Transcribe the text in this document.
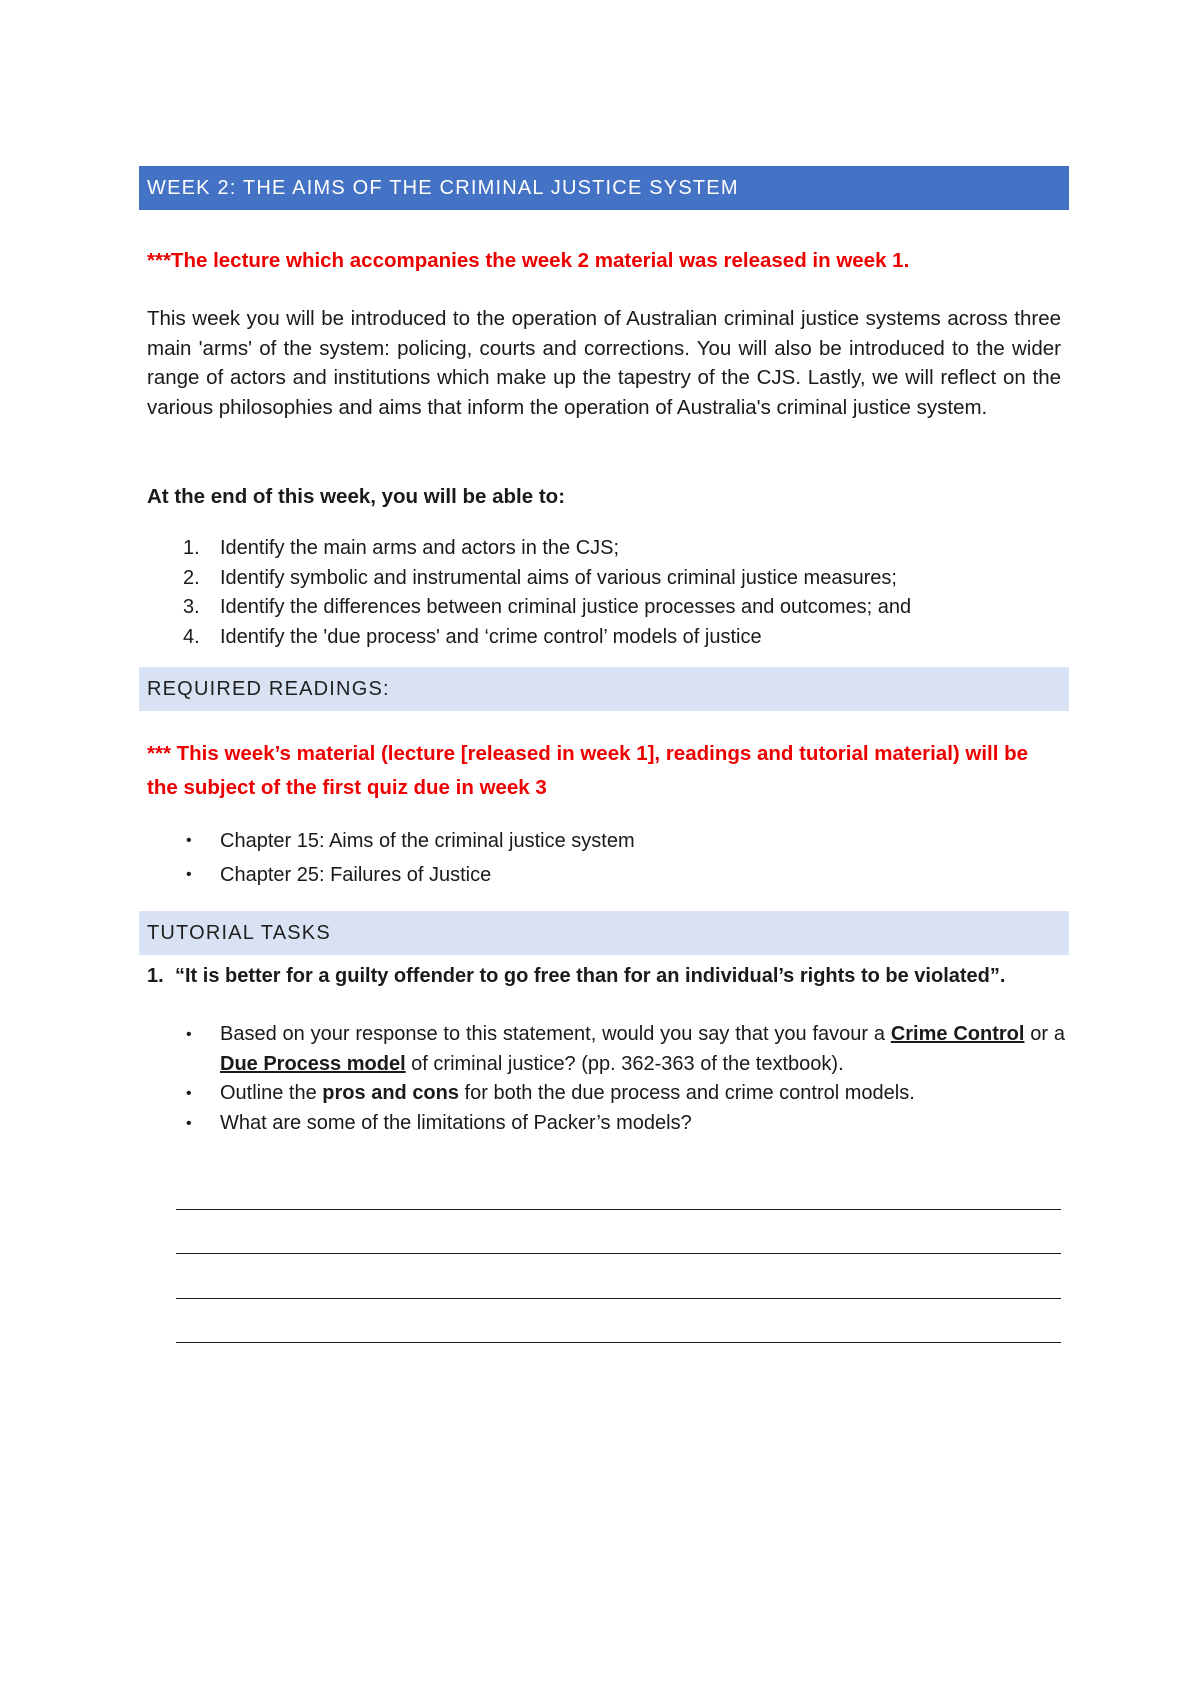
WEEK 2: THE AIMS OF THE CRIMINAL JUSTICE SYSTEM

***The lecture which accompanies the week 2 material was released in week 1.

This week you will be introduced to the operation of Australian criminal justice systems across three main 'arms' of the system: policing, courts and corrections. You will also be introduced to the wider range of actors and institutions which make up the tapestry of the CJS. Lastly, we will reflect on the various philosophies and aims that inform the operation of Australia's criminal justice system.

At the end of this week, you will be able to:

1. Identify the main arms and actors in the CJS;
2. Identify symbolic and instrumental aims of various criminal justice measures;
3. Identify the differences between criminal justice processes and outcomes; and
4. Identify the 'due process' and ‘crime control’ models of justice
REQUIRED READINGS:

*** This week’s material (lecture [released in week 1], readings and tutorial material) will be the subject of the first quiz due in week 3

• Chapter 15: Aims of the criminal justice system
• Chapter 25: Failures of Justice
TUTORIAL TASKS
1. “It is better for a guilty offender to go free than for an individual’s rights to be violated”.
• Based on your response to this statement, would you say that you favour a Crime Control or a Due Process model of criminal justice? (pp. 362-363 of the textbook).
• Outline the pros and cons for both the due process and crime control models.
• What are some of the limitations of Packer’s models?
